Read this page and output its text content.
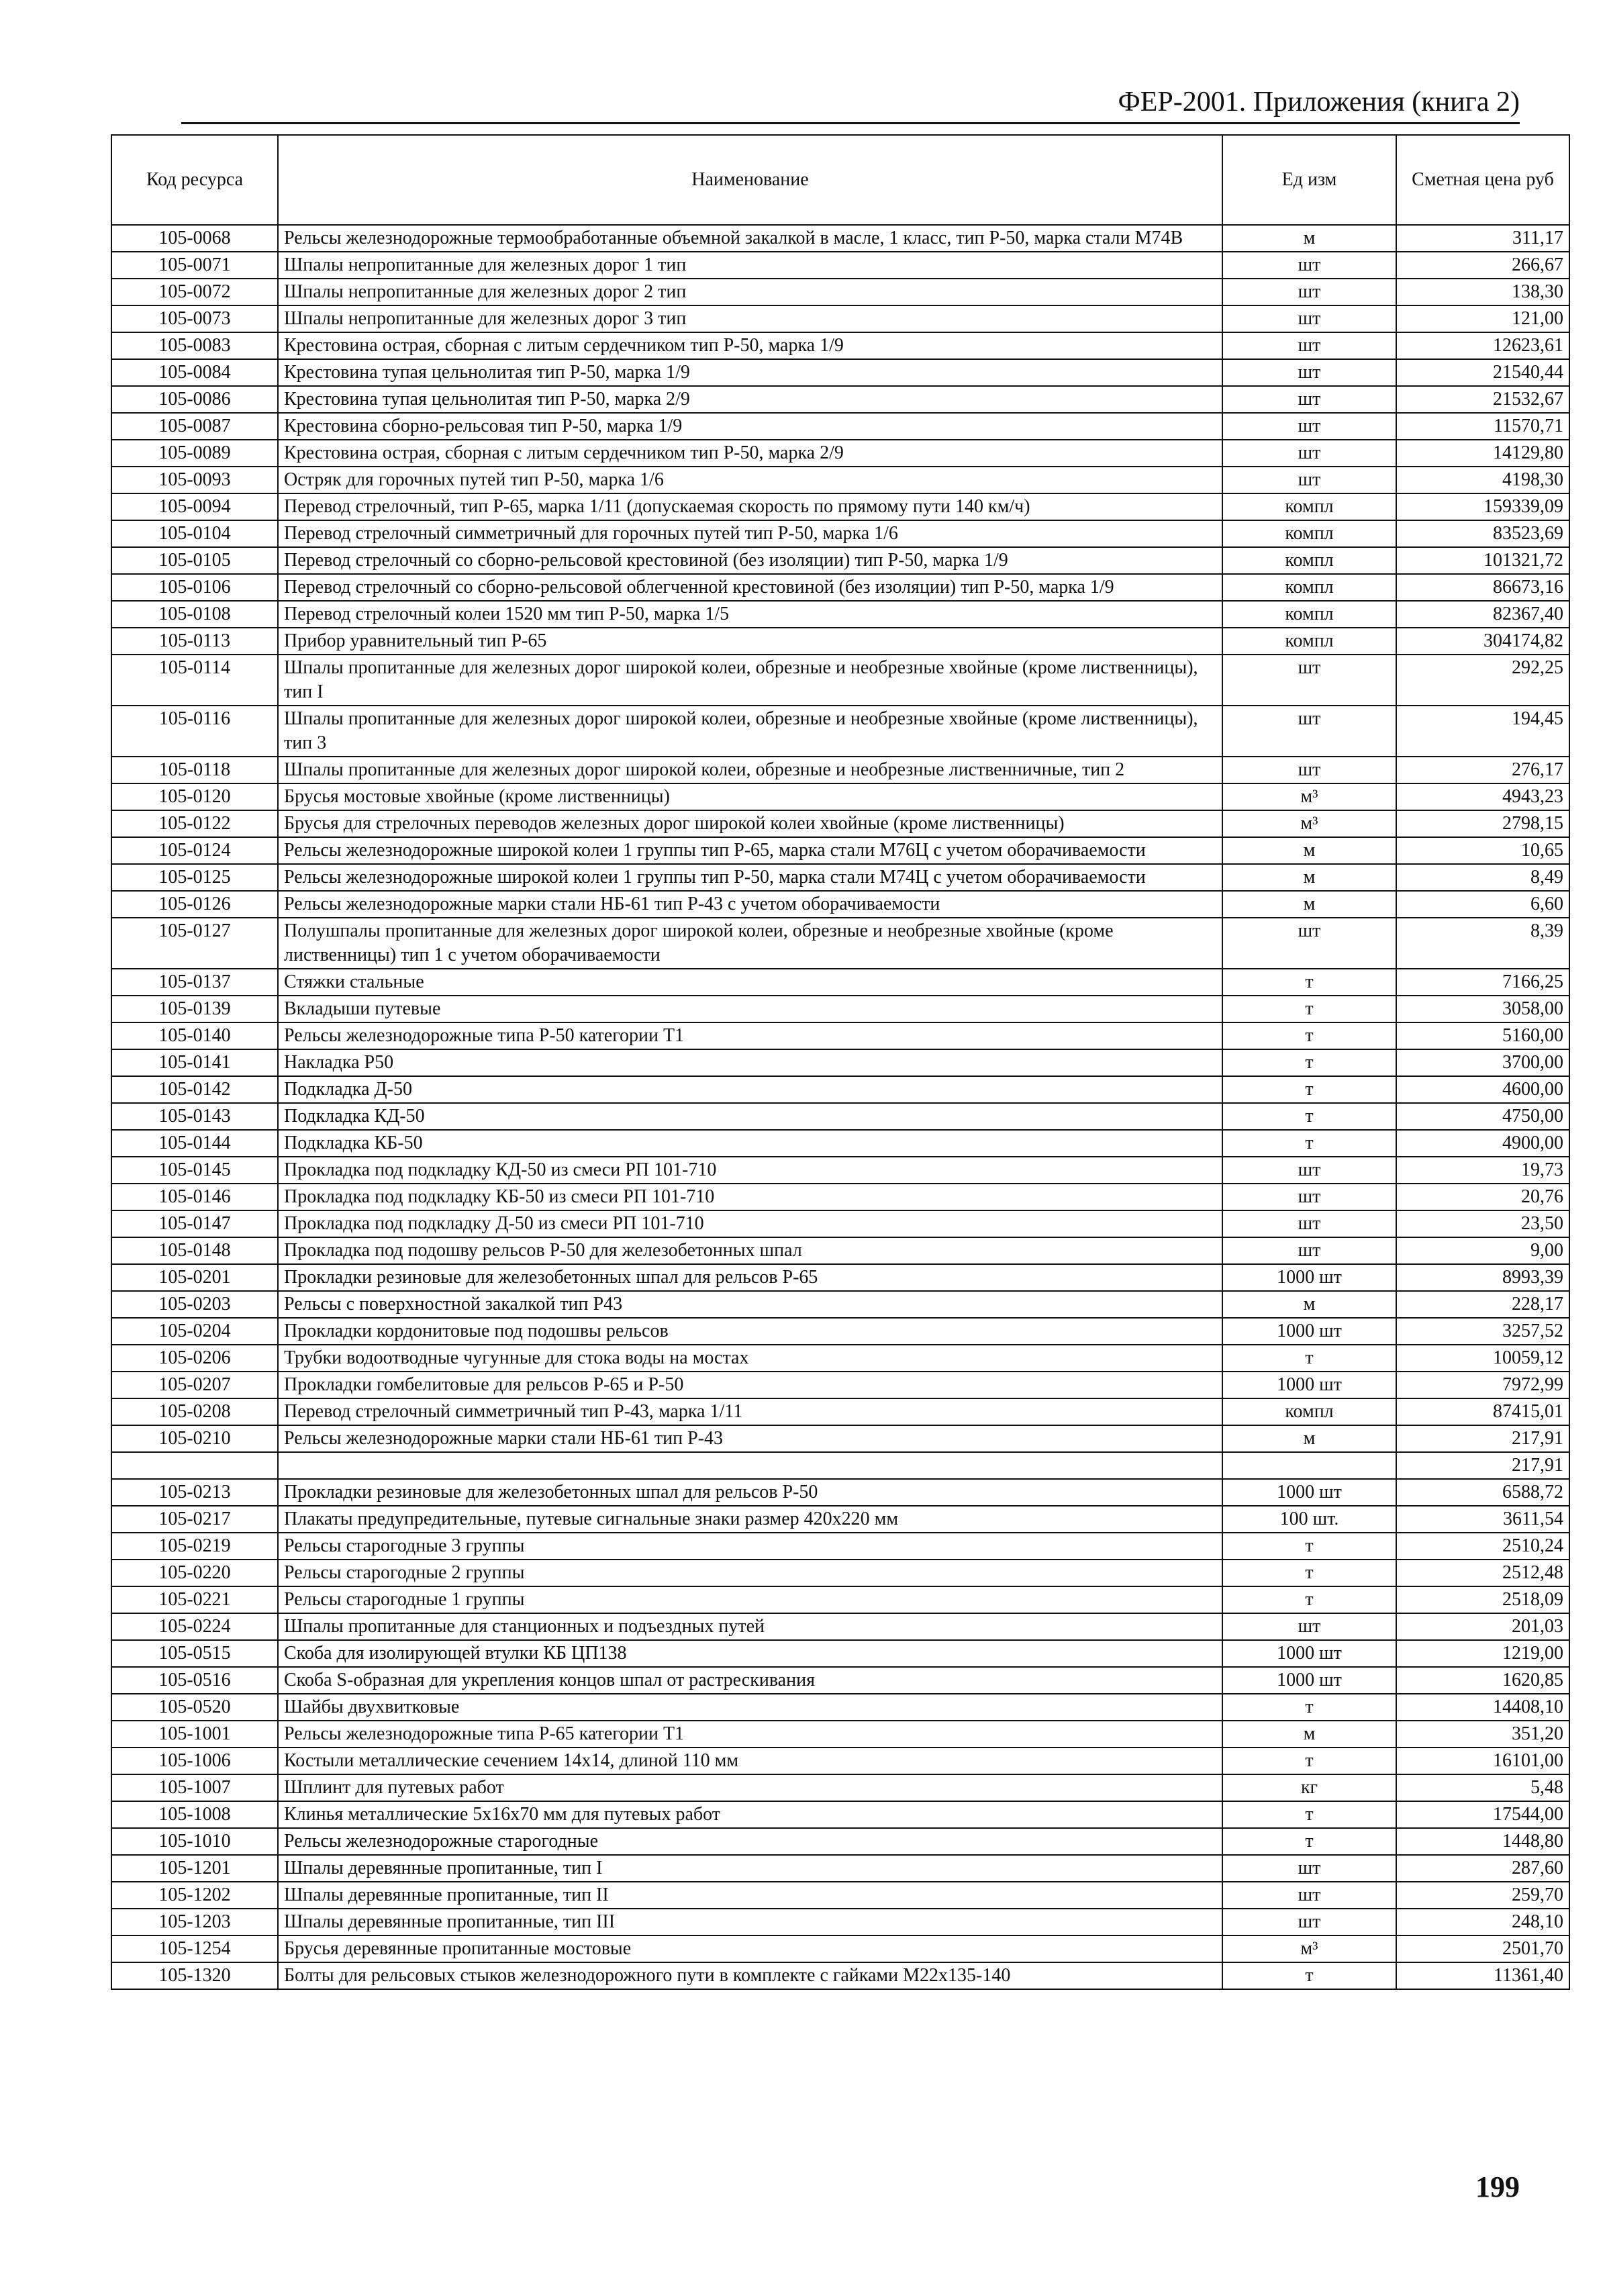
ФЕР-2001. Приложения (книга 2)
Код ресурса	Наименование	Ед изм	Сметная цена руб
105-0068	Рельсы железнодорожные термообработанные объемной закалкой в масле, 1 класс, тип Р-50, марка стали М74В	м	311,17
105-0071	Шпалы непропитанные для железных дорог 1 тип	шт	266,67
105-0072	Шпалы непропитанные для железных дорог 2 тип	шт	138,30
105-0073	Шпалы непропитанные для железных дорог 3 тип	шт	121,00
105-0083	Крестовина острая, сборная с литым сердечником тип Р-50, марка 1/9	шт	12623,61
105-0084	Крестовина тупая цельнолитая тип Р-50, марка 1/9	шт	21540,44
105-0086	Крестовина тупая цельнолитая тип Р-50, марка 2/9	шт	21532,67
105-0087	Крестовина сборно-рельсовая тип Р-50, марка 1/9	шт	11570,71
105-0089	Крестовина острая, сборная с литым сердечником тип Р-50, марка 2/9	шт	14129,80
105-0093	Остряк для горочных путей тип Р-50, марка 1/6	шт	4198,30
105-0094	Перевод стрелочный, тип Р-65, марка 1/11 (допускаемая скорость по прямому пути 140 км/ч)	компл	159339,09
105-0104	Перевод стрелочный симметричный для горочных путей тип Р-50, марка 1/6	компл	83523,69
105-0105	Перевод стрелочный со сборно-рельсовой крестовиной (без изоляции) тип Р-50, марка 1/9	компл	101321,72
105-0106	Перевод стрелочный со сборно-рельсовой облегченной крестовиной (без изоляции) тип Р-50, марка 1/9	компл	86673,16
105-0108	Перевод стрелочный колеи 1520 мм тип Р-50, марка 1/5	компл	82367,40
105-0113	Прибор уравнительный тип Р-65	компл	304174,82
105-0114	Шпалы пропитанные для железных дорог широкой колеи, обрезные и необрезные хвойные (кроме лиственницы), тип I	шт	292,25
105-0116	Шпалы пропитанные для железных дорог широкой колеи, обрезные и необрезные хвойные (кроме лиственницы), тип 3	шт	194,45
105-0118	Шпалы пропитанные для железных дорог широкой колеи, обрезные и необрезные лиственничные, тип 2	шт	276,17
105-0120	Брусья мостовые хвойные (кроме лиственницы)	м³	4943,23
105-0122	Брусья для стрелочных переводов железных дорог широкой колеи хвойные (кроме лиственницы)	м³	2798,15
105-0124	Рельсы железнодорожные широкой колеи 1 группы тип Р-65, марка стали М76Ц с учетом оборачиваемости	м	10,65
105-0125	Рельсы железнодорожные широкой колеи 1 группы тип Р-50, марка стали М74Ц с учетом оборачиваемости	м	8,49
105-0126	Рельсы железнодорожные марки стали НБ-61 тип Р-43 с учетом оборачиваемости	м	6,60
105-0127	Полушпалы пропитанные для железных дорог широкой колеи, обрезные и необрезные хвойные (кроме лиственницы) тип 1 с учетом оборачиваемости	шт	8,39
105-0137	Стяжки стальные	т	7166,25
105-0139	Вкладыши путевые	т	3058,00
105-0140	Рельсы железнодорожные типа Р-50 категории Т1	т	5160,00
105-0141	Накладка Р50	т	3700,00
105-0142	Подкладка Д-50	т	4600,00
105-0143	Подкладка КД-50	т	4750,00
105-0144	Подкладка КБ-50	т	4900,00
105-0145	Прокладка под подкладку КД-50 из смеси РП 101-710	шт	19,73
105-0146	Прокладка под подкладку КБ-50 из смеси РП 101-710	шт	20,76
105-0147	Прокладка под подкладку Д-50 из смеси РП 101-710	шт	23,50
105-0148	Прокладка под подошву рельсов Р-50 для железобетонных шпал	шт	9,00
105-0201	Прокладки резиновые для железобетонных шпал для рельсов Р-65	1000 шт	8993,39
105-0203	Рельсы с поверхностной закалкой тип Р43	м	228,17
105-0204	Прокладки кордонитовые под подошвы рельсов	1000 шт	3257,52
105-0206	Трубки водоотводные чугунные для стока воды на мостах	т	10059,12
105-0207	Прокладки гомбелитовые для рельсов Р-65 и Р-50	1000 шт	7972,99
105-0208	Перевод стрелочный симметричный тип Р-43, марка 1/11	компл	87415,01
105-0210	Рельсы железнодорожные марки стали НБ-61 тип Р-43	м	217,91
			217,91
105-0213	Прокладки резиновые для железобетонных шпал для рельсов Р-50	1000 шт	6588,72
105-0217	Плакаты предупредительные, путевые сигнальные знаки размер 420х220 мм	100 шт.	3611,54
105-0219	Рельсы старогодные 3 группы	т	2510,24
105-0220	Рельсы старогодные 2 группы	т	2512,48
105-0221	Рельсы старогодные 1 группы	т	2518,09
105-0224	Шпалы пропитанные для станционных и подъездных путей	шт	201,03
105-0515	Скоба для изолирующей втулки КБ ЦП138	1000 шт	1219,00
105-0516	Скоба S-образная для укрепления концов шпал от растрескивания	1000 шт	1620,85
105-0520	Шайбы двухвитковые	т	14408,10
105-1001	Рельсы железнодорожные типа Р-65 категории Т1	м	351,20
105-1006	Костыли металлические сечением 14х14, длиной 110 мм	т	16101,00
105-1007	Шплинт для путевых работ	кг	5,48
105-1008	Клинья металлические 5х16х70 мм для путевых работ	т	17544,00
105-1010	Рельсы железнодорожные старогодные	т	1448,80
105-1201	Шпалы деревянные пропитанные, тип I	шт	287,60
105-1202	Шпалы деревянные пропитанные, тип II	шт	259,70
105-1203	Шпалы деревянные пропитанные, тип III	шт	248,10
105-1254	Брусья деревянные пропитанные мостовые	м³	2501,70
105-1320	Болты для рельсовых стыков железнодорожного пути в комплекте с гайками М22х135-140	т	11361,40
199
